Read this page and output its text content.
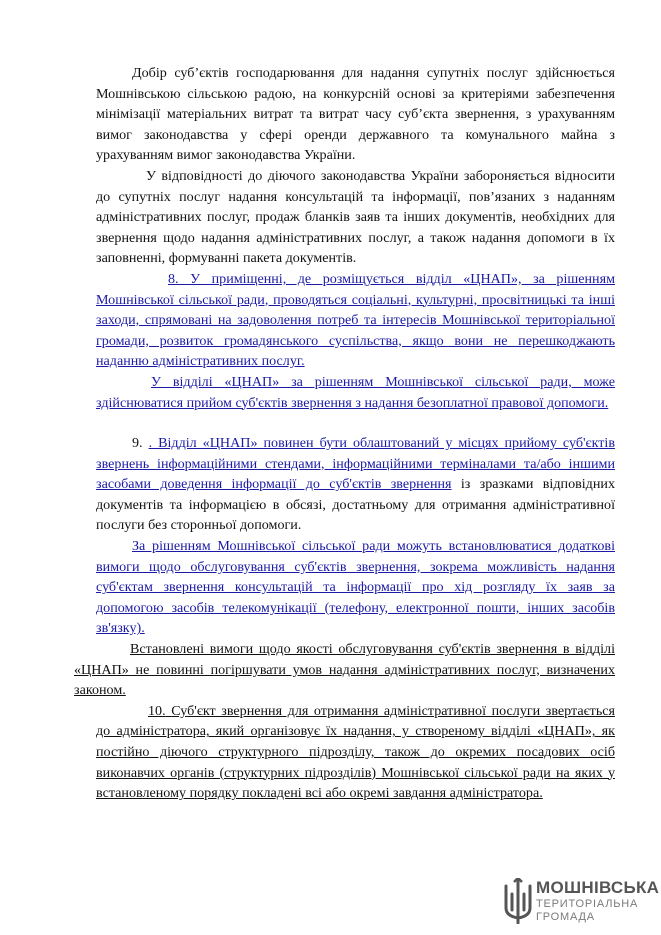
Добір суб’єктів господарювання для надання супутніх послуг здійснюється Мошнівською сільською радою, на конкурсній основі за критеріями забезпечення мінімізації матеріальних витрат та витрат часу суб’єкта звернення, з урахуванням вимог законодавства у сфері оренди державного та комунального майна з урахуванням вимог законодавства України.

У відповідності до діючого законодавства України забороняється відносити до супутніх послуг надання консультацій та інформації, пов’язаних з наданням адміністративних послуг, продаж бланків заяв та інших документів, необхідних для звернення щодо надання адміністративних послуг, а також надання допомоги в їх заповненні, формуванні пакета документів.

8. У приміщенні, де розміщується відділ «ЦНАП», за рішенням Мошнівської сільської ради, проводяться соціальні, культурні, просвітницькі та інші заходи, спрямовані на задоволення потреб та інтересів Мошнівської територіальної громади, розвиток громадянського суспільства, якщо вони не перешкоджають наданню адміністративних послуг.

У відділі «ЦНАП» за рішенням Мошнівської сільської ради, може здійснюватися прийом суб'єктів звернення з надання безоплатної правової допомоги.

9. . Відділ «ЦНАП» повинен бути облаштований у місцях прийому суб'єктів звернень інформаційними стендами, інформаційними терміналами та/або іншими засобами доведення інформації до суб'єктів звернення із зразками відповідних документів та інформацією в обсязі, достатньому для отримання адміністративної послуги без сторонньої допомоги.

За рішенням Мошнівської сільської ради можуть встановлюватися додаткові вимоги щодо обслуговування суб'єктів звернення, зокрема можливість надання суб'єктам звернення консультацій та інформації про хід розгляду їх заяв за допомогою засобів телекомунікації (телефону, електронної пошти, інших засобів зв'язку).

Встановлені вимоги щодо якості обслуговування суб'єктів звернення в відділі «ЦНАП» не повинні погіршувати умов надання адміністративних послуг, визначених законом.

10. Суб'єкт звернення для отримання адміністративної послуги звертається до адміністратора, який організовує їх надання, у створеному відділі «ЦНАП», як постійно діючого структурного підрозділу, також до окремих посадових осіб виконавчих органів (структурних підрозділів) Мошнівської сільської ради на яких у встановленому порядку покладені всі або окремі завдання адміністратора.

МОШНІВСЬКА
ТЕРИТОРІАЛЬНА
ГРОМАДА
